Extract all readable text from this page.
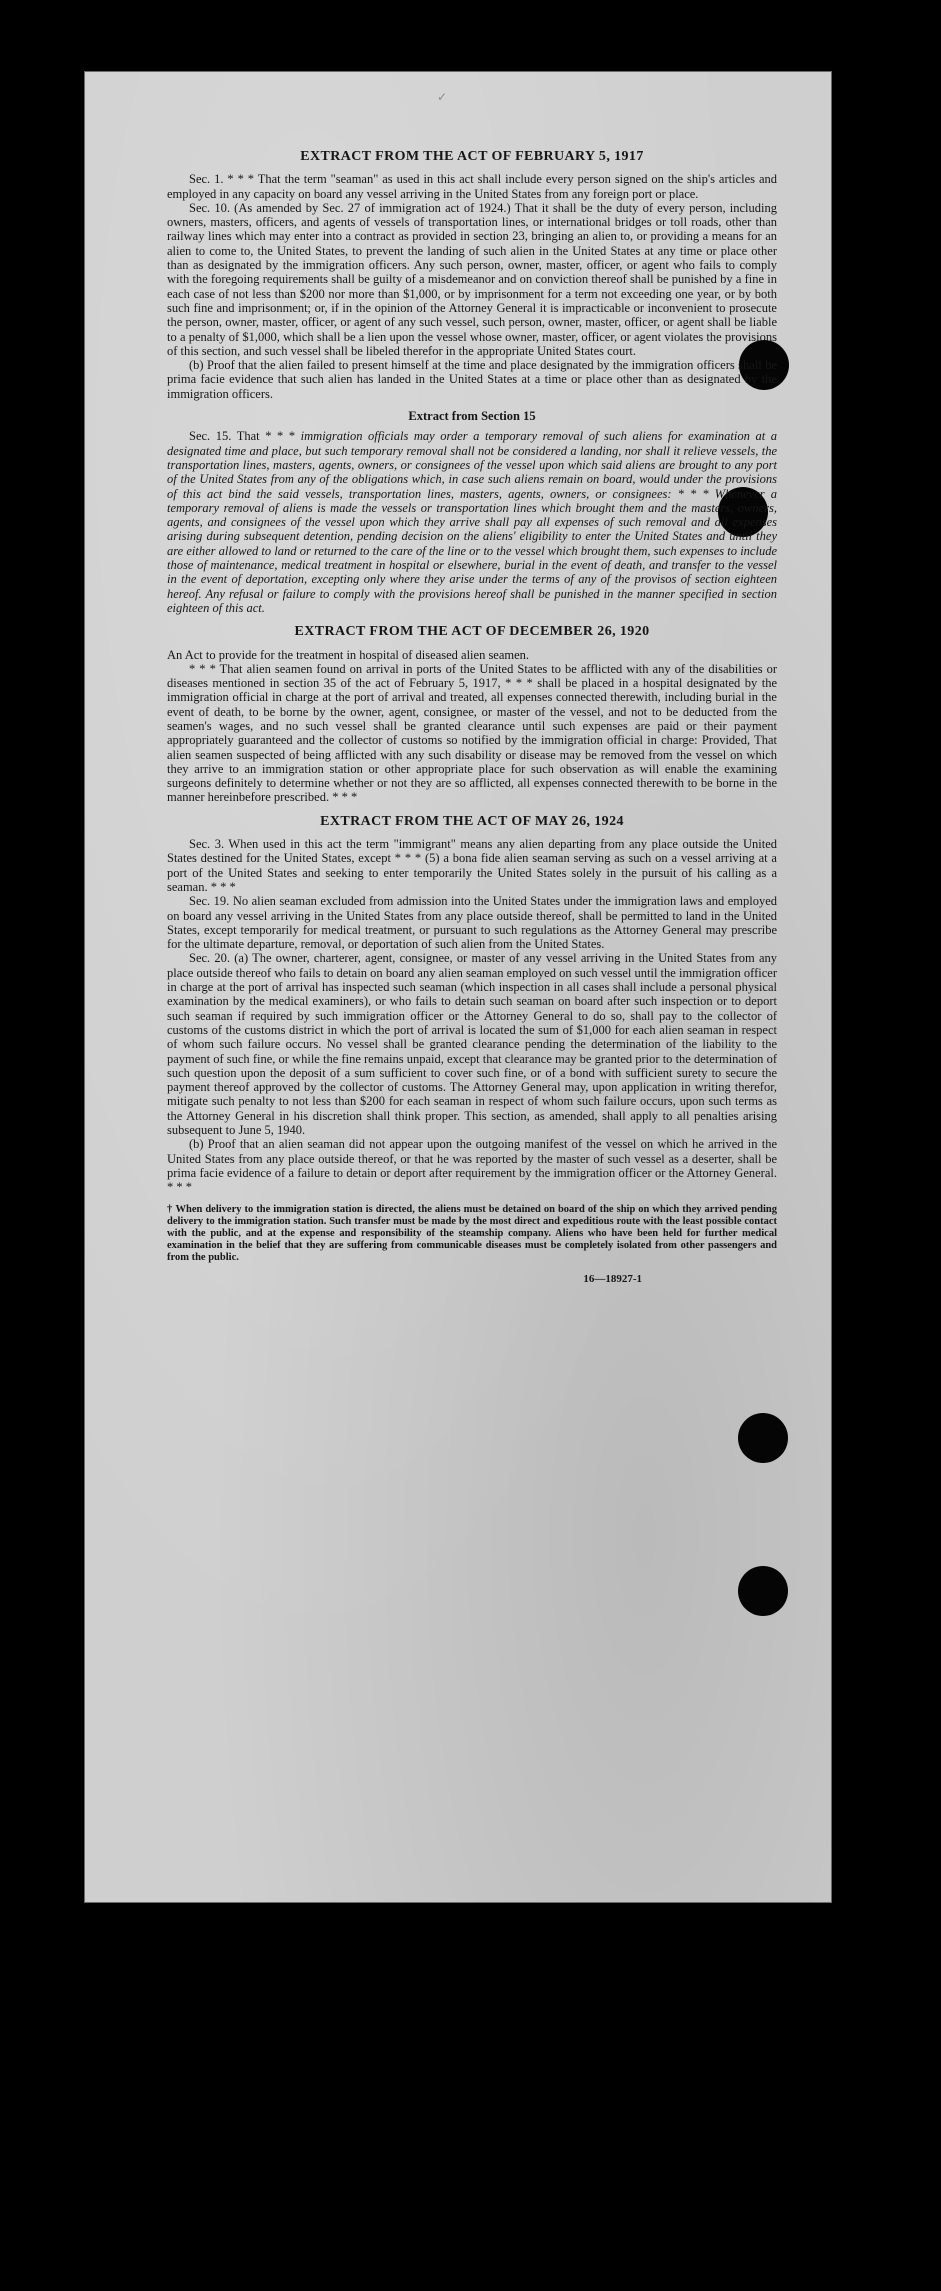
✓
EXTRACT FROM THE ACT OF FEBRUARY 5, 1917

Sec. 1. * * * That the term "seaman" as used in this act shall include every person signed on the ship's articles and employed in any capacity on board any vessel arriving in the United States from any foreign port or place.

Sec. 10. (As amended by Sec. 27 of immigration act of 1924.) That it shall be the duty of every person, including owners, masters, officers, and agents of vessels of transportation lines, or international bridges or toll roads, other than railway lines which may enter into a contract as provided in section 23, bringing an alien to, or providing a means for an alien to come to, the United States, to prevent the landing of such alien in the United States at any time or place other than as designated by the immigration officers. Any such person, owner, master, officer, or agent who fails to comply with the foregoing requirements shall be guilty of a misdemeanor and on conviction thereof shall be punished by a fine in each case of not less than $200 nor more than $1,000, or by imprisonment for a term not exceeding one year, or by both such fine and imprisonment; or, if in the opinion of the Attorney General it is impracticable or inconvenient to prosecute the person, owner, master, officer, or agent of any such vessel, such person, owner, master, officer, or agent shall be liable to a penalty of $1,000, which shall be a lien upon the vessel whose owner, master, officer, or agent violates the provisions of this section, and such vessel shall be libeled therefor in the appropriate United States court.

(b) Proof that the alien failed to present himself at the time and place designated by the immigration officers shall be prima facie evidence that such alien has landed in the United States at a time or place other than as designated by the immigration officers.

Extract from Section 15

Sec. 15. That * * * immigration officials may order a temporary removal of such aliens for examination at a designated time and place, but such temporary removal shall not be considered a landing, nor shall it relieve vessels, the transportation lines, masters, agents, owners, or consignees of the vessel upon which said aliens are brought to any port of the United States from any of the obligations which, in case such aliens remain on board, would under the provisions of this act bind the said vessels, transportation lines, masters, agents, owners, or consignees: * * * Whenever a temporary removal of aliens is made the vessels or transportation lines which brought them and the masters, owners, agents, and consignees of the vessel upon which they arrive shall pay all expenses of such removal and all expenses arising during subsequent detention, pending decision on the aliens' eligibility to enter the United States and until they are either allowed to land or returned to the care of the line or to the vessel which brought them, such expenses to include those of maintenance, medical treatment in hospital or elsewhere, burial in the event of death, and transfer to the vessel in the event of deportation, excepting only where they arise under the terms of any of the provisos of section eighteen hereof. Any refusal or failure to comply with the provisions hereof shall be punished in the manner specified in section eighteen of this act.

EXTRACT FROM THE ACT OF DECEMBER 26, 1920

An Act to provide for the treatment in hospital of diseased alien seamen.

* * * That alien seamen found on arrival in ports of the United States to be afflicted with any of the disabilities or diseases mentioned in section 35 of the act of February 5, 1917, * * * shall be placed in a hospital designated by the immigration official in charge at the port of arrival and treated, all expenses connected therewith, including burial in the event of death, to be borne by the owner, agent, consignee, or master of the vessel, and not to be deducted from the seamen's wages, and no such vessel shall be granted clearance until such expenses are paid or their payment appropriately guaranteed and the collector of customs so notified by the immigration official in charge: Provided, That alien seamen suspected of being afflicted with any such disability or disease may be removed from the vessel on which they arrive to an immigration station or other appropriate place for such observation as will enable the examining surgeons definitely to determine whether or not they are so afflicted, all expenses connected therewith to be borne in the manner hereinbefore prescribed. * * *

EXTRACT FROM THE ACT OF MAY 26, 1924

Sec. 3. When used in this act the term "immigrant" means any alien departing from any place outside the United States destined for the United States, except * * * (5) a bona fide alien seaman serving as such on a vessel arriving at a port of the United States and seeking to enter temporarily the United States solely in the pursuit of his calling as a seaman. * * *

Sec. 19. No alien seaman excluded from admission into the United States under the immigration laws and employed on board any vessel arriving in the United States from any place outside thereof, shall be permitted to land in the United States, except temporarily for medical treatment, or pursuant to such regulations as the Attorney General may prescribe for the ultimate departure, removal, or deportation of such alien from the United States.

Sec. 20. (a) The owner, charterer, agent, consignee, or master of any vessel arriving in the United States from any place outside thereof who fails to detain on board any alien seaman employed on such vessel until the immigration officer in charge at the port of arrival has inspected such seaman (which inspection in all cases shall include a personal physical examination by the medical examiners), or who fails to detain such seaman on board after such inspection or to deport such seaman if required by such immigration officer or the Attorney General to do so, shall pay to the collector of customs of the customs district in which the port of arrival is located the sum of $1,000 for each alien seaman in respect of whom such failure occurs. No vessel shall be granted clearance pending the determination of the liability to the payment of such fine, or while the fine remains unpaid, except that clearance may be granted prior to the determination of such question upon the deposit of a sum sufficient to cover such fine, or of a bond with sufficient surety to secure the payment thereof approved by the collector of customs. The Attorney General may, upon application in writing therefor, mitigate such penalty to not less than $200 for each seaman in respect of whom such failure occurs, upon such terms as the Attorney General in his discretion shall think proper. This section, as amended, shall apply to all penalties arising subsequent to June 5, 1940.

(b) Proof that an alien seaman did not appear upon the outgoing manifest of the vessel on which he arrived in the United States from any place outside thereof, or that he was reported by the master of such vessel as a deserter, shall be prima facie evidence of a failure to detain or deport after requirement by the immigration officer or the Attorney General. * * *

† When delivery to the immigration station is directed, the aliens must be detained on board of the ship on which they arrived pending delivery to the immigration station. Such transfer must be made by the most direct and expeditious route with the least possible contact with the public, and at the expense and responsibility of the steamship company. Aliens who have been held for further medical examination in the belief that they are suffering from communicable diseases must be completely isolated from other passengers and from the public.
16—18927-1
